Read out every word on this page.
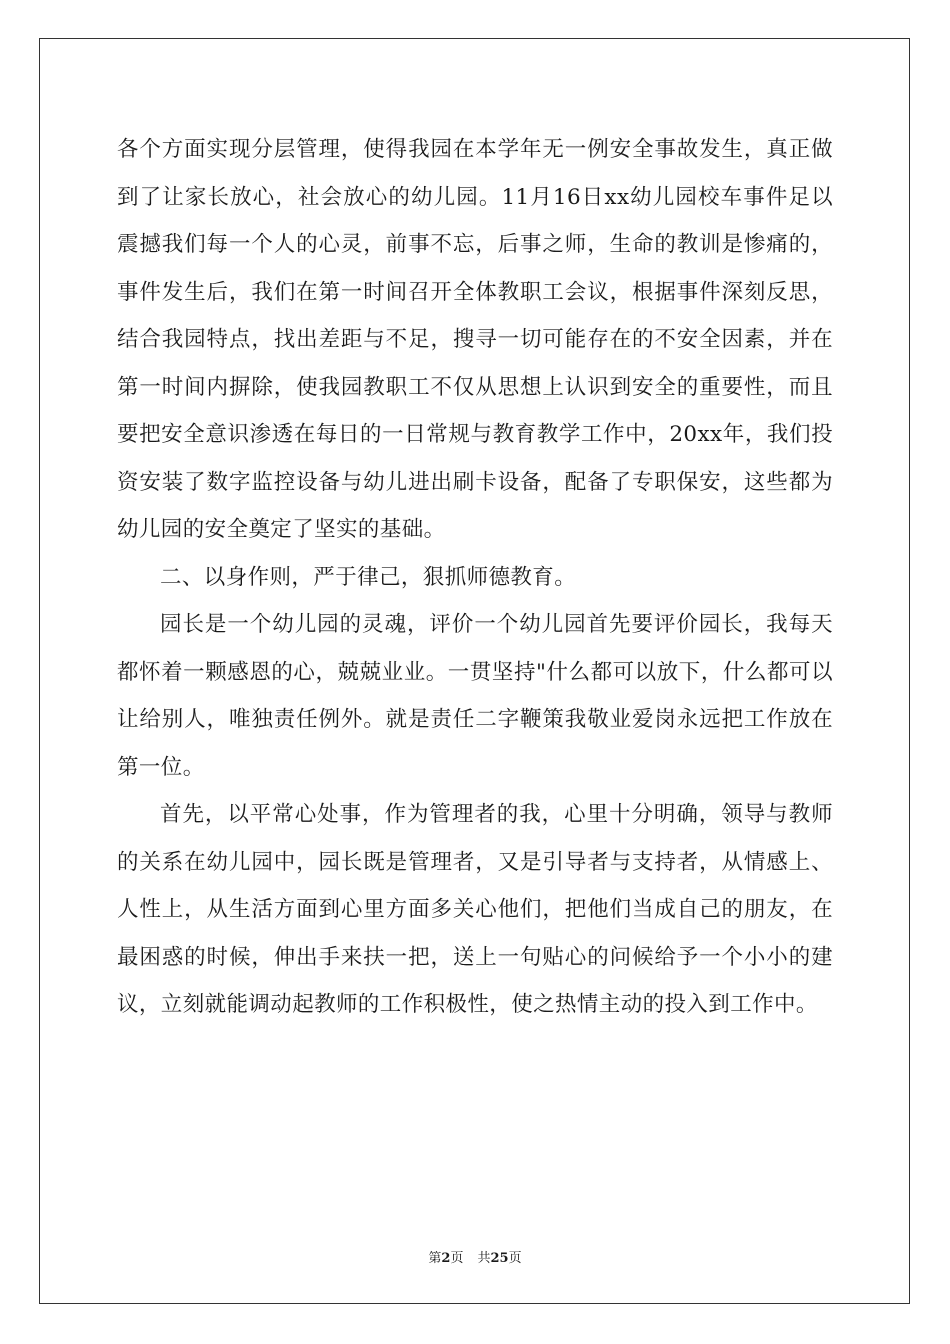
各个方面实现分层管理，使得我园在本学年无一例安全事故发生，真正做到了让家长放心，社会放心的幼儿园。11月16日xx幼儿园校车事件足以震撼我们每一个人的心灵，前事不忘，后事之师，生命的教训是惨痛的，事件发生后，我们在第一时间召开全体教职工会议，根据事件深刻反思，结合我园特点，找出差距与不足，搜寻一切可能存在的不安全因素，并在第一时间内摒除，使我园教职工不仅从思想上认识到安全的重要性，而且要把安全意识渗透在每日的一日常规与教育教学工作中，20xx年，我们投资安装了数字监控设备与幼儿进出刷卡设备，配备了专职保安，这些都为幼儿园的安全奠定了坚实的基础。

二、以身作则，严于律己，狠抓师德教育。

园长是一个幼儿园的灵魂，评价一个幼儿园首先要评价园长，我每天都怀着一颗感恩的心，兢兢业业。一贯坚持"什么都可以放下，什么都可以让给别人，唯独责任例外。就是责任二字鞭策我敬业爱岗永远把工作放在第一位。

首先，以平常心处事，作为管理者的我，心里十分明确，领导与教师的关系在幼儿园中，园长既是管理者，又是引导者与支持者，从情感上、人性上，从生活方面到心里方面多关心他们，把他们当成自己的朋友，在最困惑的时候，伸出手来扶一把，送上一句贴心的问候给予一个小小的建议，立刻就能调动起教师的工作积极性，使之热情主动的投入到工作中。

第2页 共25页
